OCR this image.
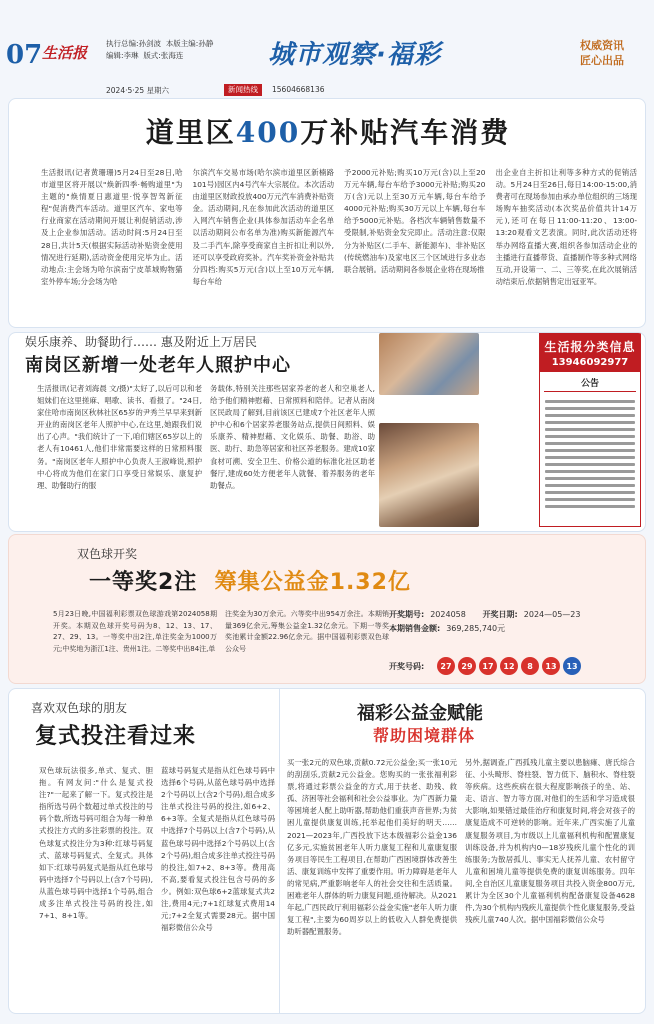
07 生活报
执行总编:孙剑波 本版主编:孙静
编辑:李琳 版式:张海连	城市观察·福彩	权威资讯
匠心出品
2024·5·25 星期六	新闻热线	15604668136
道里区400万补贴汽车消费
生活报讯(记者黄珊珊)5月24日至28日,哈市道里区将开展以"焕新四季·畅购道里"为主题的"焕情夏日惠道里·悦享智驾新征程"促消费汽车活动。道里区汽车、家电等行业商家在活动期间开展让利促销活动,涉及上企业参加活动。活动时间:5月24日至28日,共计5天(根据实际活动补贴资金使用情况进行延期),活动资金使用完毕为止。活动地点:主会场为哈尔滨南宁皮革城购物猫室外停车场;分会场为哈
尔滨汽车交易市场(哈尔滨市道里区新楠路101号)园区内4号汽车大宗展位。本次活动由道里区财政投放400万元汽车消费补贴资金。活动期间,凡在参加此次活动的道里区入网汽车销售企业(具体参加活动车企名单以活动期间公布名单为准)购买新能源汽车及二手汽车,除享受商家自主折扣让利以外,还可以享受政府奖补。汽车奖补资金补贴共分四档:购买5万元(含)以上至10万元车辆,每台车给
予2000元补贴;购买10万元(含)以上至20万元车辆,每台车给予3000元补贴;购买20万(含)元以上至30万元车辆,每台车给予4000元补贴;购买30万元以上车辆,每台车给予5000元补贴。各档次车辆销售数量不受限制,补贴资金发完即止。活动注意:仅限分为补贴区(二手车、新能源车)、非补贴区(传统燃油车)及家电区三个区域进行多业态联合展销。活动期间各参展企业将在现场推
出企业自主折扣让利等多种方式的促销活动。5月24日至26日,每日14:00-15:00,消费者可在现场参加由承办单位组织的三场现场购车抽奖活动(本次奖品价值共计14万元),还可在每日11:00-11:20、13:00-13:20观看文艺表演。同时,此次活动还将举办网络直播大赛,组织各参加活动企业的主播进行直播带货、直播制作等多种式网络互动,开设第一、二、三等奖,在此次展销活动结束后,依据销售定出冠亚军。
娱乐康养、助餐助行…… 惠及附近上万居民
南岗区新增一处老年人照护中心
生活报讯(记者刘海晨 文/摄)"太好了,以后可以和老姐妹们在这里搓麻、唱歌、读书、看报了。"24日,家住哈市南岗区秋林社区65岁的尹秀兰早早来到新开业的南岗区老年人照护中心,在这里,她跟我们说出了心声。"我们统计了一下,咱们辖区65岁以上的老人有10461人,他们非常需要这样的日常照料服务。"南岗区老年人照护中心负责人王淑峰说,照护中心将成为他们在家门口享受日常娱乐、康复护理、助餐助行的服
务载体,特别关注那些居家养老的老人和空巢老人,给予他们精神慰藉、日常照料和陪伴。记者从南岗区民政局了解到,目前该区已建成7个社区老年人照护中心和6个居家养老服务站点,提供日间照料、娱乐康养、精神慰藉、文化娱乐、助餐、助浴、助医、助行、助急等居家和社区养老服务。建成10家食材可溯、安全卫生、价格公道的标准化社区助老餐厅,建成60处方便老年人就餐、着养服务的老年助餐点。
生活报分类信息
13946092977
公告
双色球开奖
一等奖2注 筹集公益金1.32亿
5月23日晚,中国福利彩票双色球游戏第2024058期开奖。本期双色球开奖号码为8、12、13、17、27、29、13。一等奖中出2注,单注奖金为1000万元;中奖地为浙江1注、贵州1注。二等奖中出84注,单
注奖金为30万余元。六等奖中出954万余注。本期销量369亿余元,筹集公益金1.32亿余元。下期一等奖奖池累计金额22.96亿余元。据中国福利彩票双色球公众号
开奖期号: 2024058 开奖日期: 2024—05—23
本期销售金额: 369,285,740元
开奖号码:	27	29	17	12	8	13	13
喜欢双色球的朋友
复式投注看过来
福彩公益金赋能
帮助困境群体
双色球玩法很多,单式、复式、胆拖。有网友问:"什么是复式投注?"一起来了解一下。复式投注是指所选号码个数超过单式投注的号码个数,所选号码可组合为每一种单式投注方式的多注彩票的投注。双色球复式投注分为3种:红球号码复式、蓝球号码复式、全复式。具体如下:红球号码复式是指从红色球号码中选择7个号码以上(含7个号码),从蓝色球号码中选择1个号码,组合成多注单式投注号码的投注,如7+1、8+1等。
蓝球号码复式是指从红色球号码中选择6个号码,从蓝色球号码中选择2个号码以上(含2个号码),组合成多注单式投注号码的投注,如6+2、6+3等。全复式是指从红色球号码中选择7个号码以上(含7个号码),从蓝色球号码中选择2个号码以上(含2个号码),组合成多注单式投注号码的投注,如7+2、8+3等。费用高不高,要看复式投注包含号码的多少。例如:双色球6+2蓝球复式共2注,费用4元;7+1红球复式费用14元;7+2全复式需要28元。据中国福彩微信公众号
买一张2元的双色球,贡献0.72元公益金;买一张10元的刮刮乐,贡献2元公益金。您购买的一张张福利彩票,将通过彩票公益金的方式,用于扶老、助残、救孤、济困等社会福利和社会公益事业。为广西新力量等困境老人配上助听器,帮助他们重获声音世界;为贫困儿童提供康复训练,托举起他们美好的明天……2021—2023年,广西投放下达本级福彩公益金136亿多元,实施贫困老年人听力康复工程和儿童康复服务项目等民生工程项目,在帮助广西困境群体改善生活、康复训练中发挥了重要作用。听力障碍是老年人的常见病,严重影响老年人的社会交往和生活质量。困难老年人群体的听力康复问题,亟待解决。从2021年起,广西民政厅利用福彩公益金实施"老年人听力康复工程",主要为60周岁以上的低收入人群免费提供助听器配置服务。
另外,据调查,广西孤残儿童主要以患脑瘫、唐氏综合征、小头畸形、脊柱裂、智力低下、脑积水、脊柱裂等疾病。这些疾病在很大程度影响孩子的坐、站、走、语言、智力等方面,对他们的生活和学习造成很大影响,如果错过最佳治疗和康复时间,将会对孩子的康复造成不可逆转的影响。近年来,广西实施了儿童康复服务项目,为市级以上儿童福利机构和配置康复训练设备,并为机构内0—18岁残疾儿童个性化的训练服务;为散居孤儿、事实无人抚养儿童、农村留守儿童和困境儿童等提供免费的康复训练服务。四年间,全自治区儿童康复服务项目共投入资金800万元,累计为全区30个儿童福利机构配备康复设备4628件,为30个机构内残疾儿童提供个性化康复服务,受益残疾儿童740人次。据中国福彩微信公众号
